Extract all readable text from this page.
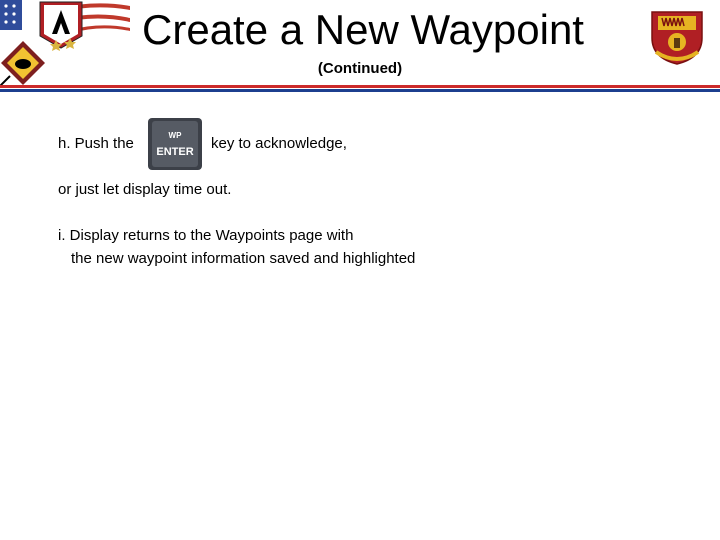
Create a New Waypoint
(Continued)
h. Push the	WP
ENTER key to acknowledge,
or just let display time out.
i. Display returns to the Waypoints page with
the new waypoint information saved and highlighted
